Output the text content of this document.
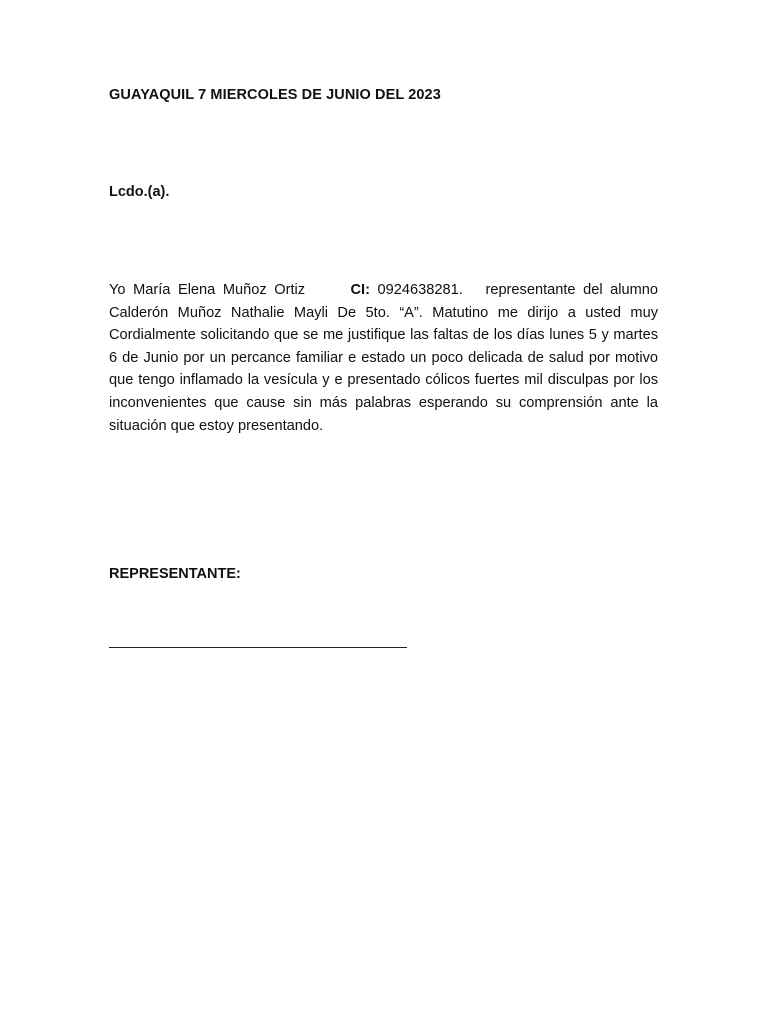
GUAYAQUIL 7 MIERCOLES DE JUNIO DEL 2023
Lcdo.(a).
Yo María Elena Muñoz Ortiz	CI: 0924638281. representante del alumno Calderón Muñoz Nathalie Mayli De 5to. “A”. Matutino me dirijo a usted muy Cordialmente solicitando que se me justifique las faltas de los días lunes 5 y martes 6 de Junio por un percance familiar e estado un poco delicada de salud por motivo que tengo inflamado la vesícula y e presentado cólicos fuertes mil disculpas por los inconvenientes que cause sin más palabras esperando su comprensión ante la situación que estoy presentando.
REPRESENTANTE:
